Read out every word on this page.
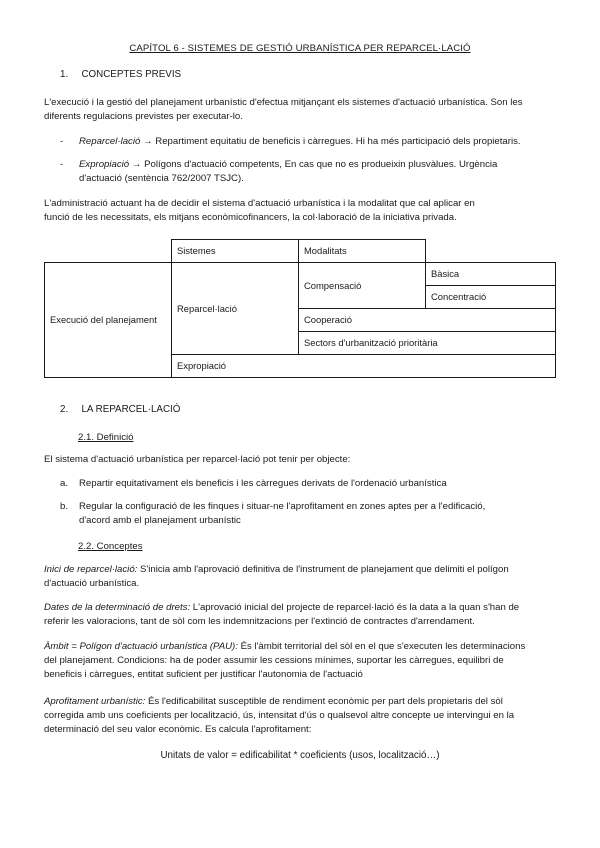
CAPÍTOL 6 - SISTEMES DE GESTIÓ URBANÍSTICA PER REPARCEL·LACIÓ
1. CONCEPTES PREVIS
L'execució i la gestió del planejament urbanístic d'efectua mitjançant els sistemes d'actuació urbanística. Son les
diferents regulacions previstes per executar-lo.
- Reparcel·lació → Repartiment equitatiu de beneficis i càrregues. Hi ha més participació dels propietaris.
- Expropiació → Polígons d'actuació competents, En cas que no es produeixin plusvàlues. Urgència
d'actuació (sentència 762/2007 TSJC).
L'administració actuant ha de decidir el sistema d'actuació urbanística i la modalitat que cal aplicar en
funció de les necessitats, els mitjans econòmicofinancers, la col·laboració de la iniciativa privada.
	Sistemes	Modalitats	
Execució del planejament	Reparcel·lació	Compensació	Bàsica
			Concentració
		Cooperació	
		Sectors d'urbanització prioritària	
	Expropiació		
2. LA REPARCEL·LACIÓ
2.1. Definició
El sistema d'actuació urbanística per reparcel·lació pot tenir per objecte:
a. Repartir equitativament els beneficis i les càrregues derivats de l'ordenació urbanística
b. Regular la configuració de les finques i situar-ne l'aprofitament en zones aptes per a l'edificació,
d'acord amb el planejament urbanístic
2.2. Conceptes
Inici de reparcel·lació: S'inicia amb l'aprovació definitiva de l'instrument de planejament que delimiti el polígon
d'actuació urbanística.
Dates de la determinació de drets: L'aprovació inicial del projecte de reparcel·lació és la data a la quan s'han de
referir les valoracions, tant de sòl com les indemnitzacions per l'extinció de contractes d'arrendament.
Àmbit = Polígon d'actuació urbanística (PAU): És l'àmbit territorial del sòl en el que s'executen les determinacions
del planejament. Condicions: ha de poder assumir les cessions mínimes, suportar les càrregues, equilibri de
beneficis i càrregues, entitat suficient per justificar l'autonomia de l'actuació
Aprofitament urbanístic: És l'edificabilitat susceptible de rendiment econòmic per part dels propietaris del sòl
corregida amb uns coeficients per localització, ús, intensitat d'ús o qualsevol altre concepte ue intervingui en la
determinació del seu valor econòmic. Es calcula l'aprofitament:
Unitats de valor = edificabilitat * coeficients (usos, localització…)
